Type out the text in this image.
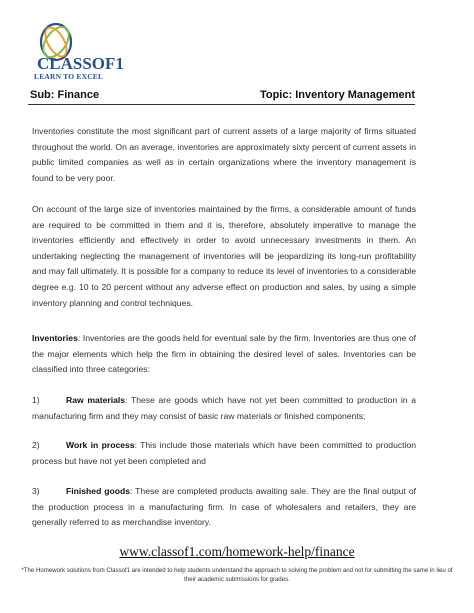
CLASSOF1
LEARN TO EXCEL
Sub: Finance	Topic: Inventory Management
Inventories constitute the most significant part of current assets of a large majority of firms situated throughout the world. On an average, inventories are approximately sixty percent of current assets in public limited companies as well as in certain organizations where the inventory management is found to be very poor.
On account of the large size of inventories maintained by the firms, a considerable amount of funds are required to be committed in them and it is, therefore, absolutely imperative to manage the inventories efficiently and effectively in order to avoid unnecessary investments in them. An undertaking neglecting the management of inventories will be jeopardizing its long-run profitability and may fall ultimately. It is possible for a company to reduce its level of inventories to a considerable degree e.g. 10 to 20 percent without any adverse effect on production and sales, by using a simple inventory planning and control techniques.
Inventories: Inventories are the goods held for eventual sale by the firm. Inventories are thus one of the major elements which help the firm in obtaining the desired level of sales. Inventories can be classified into three categories:
1)	Raw materials: These are goods which have not yet been committed to production in a manufacturing firm and they may consist of basic raw materials or finished components;
2)	Work in process: This include those materials which have been committed to production process but have not yet been completed and
3)	Finished goods: These are completed products awaiting sale. They are the final output of the production process in a manufacturing firm. In case of wholesalers and retailers, they are generally referred to as merchandise inventory.
www.classof1.com/homework-help/finance
*The Homework solutions from Classof1 are intended to help students understand the approach to solving the problem and not for submitting the same in lieu of their academic submissions for grades.
